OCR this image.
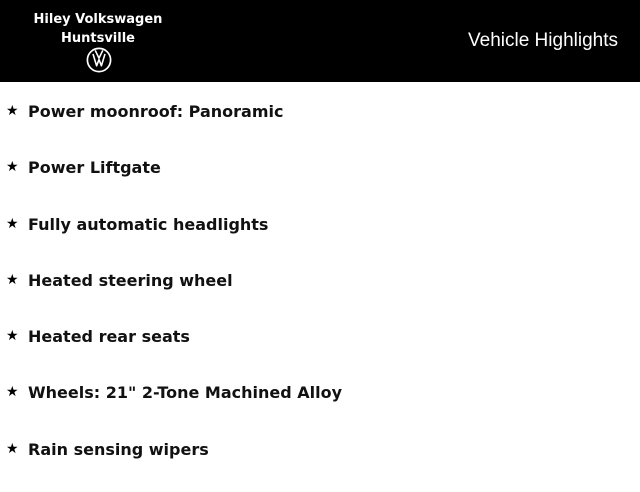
Hiley Volkswagen
Huntsville	Vehicle Highlights
★ Power moonroof: Panoramic
★ Power Liftgate
★ Fully automatic headlights
★ Heated steering wheel
★ Heated rear seats
★ Wheels: 21" 2-Tone Machined Alloy
★ Rain sensing wipers
